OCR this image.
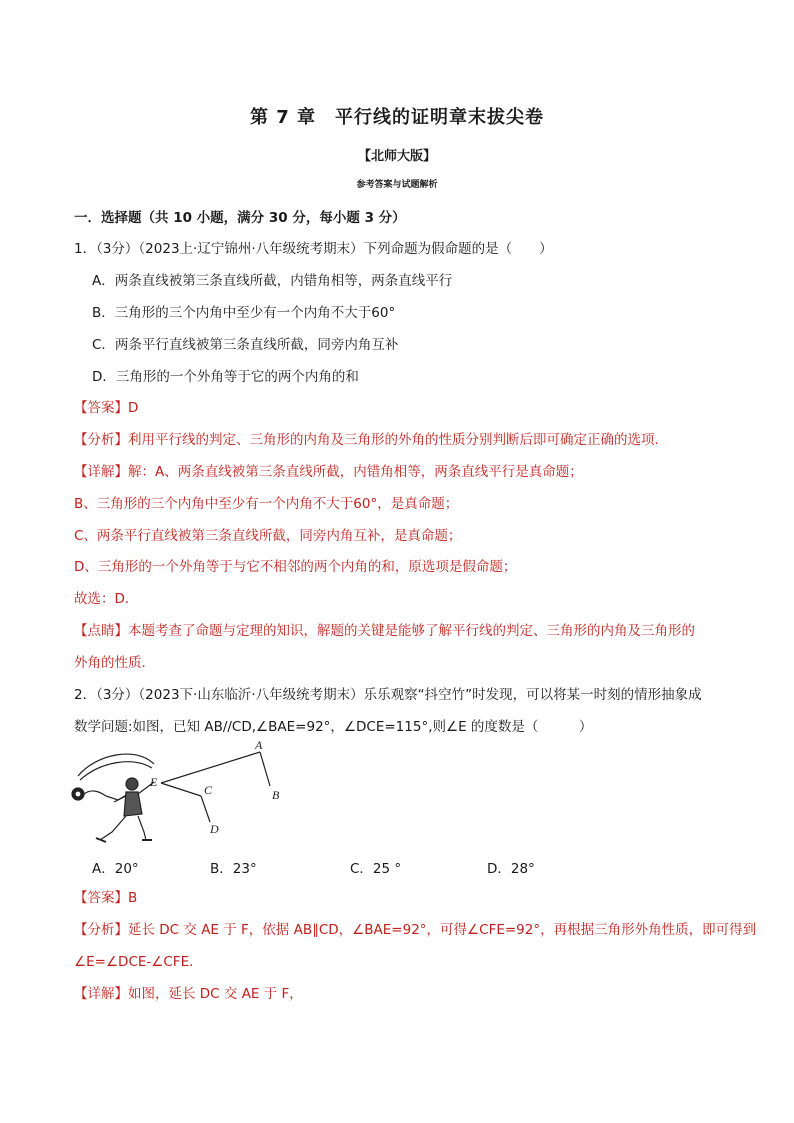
第 7 章　平行线的证明章末拔尖卷
【北师大版】
参考答案与试题解析
一．选择题（共 10 小题，满分 30 分，每小题 3 分）
1．（3分）（2023上·辽宁锦州·八年级统考期末）下列命题为假命题的是（　　）
A．两条直线被第三条直线所截，内错角相等，两条直线平行
B．三角形的三个内角中至少有一个内角不大于60°
C．两条平行直线被第三条直线所截，同旁内角互补
D．三角形的一个外角等于它的两个内角的和
【答案】D
【分析】利用平行线的判定、三角形的内角及三角形的外角的性质分别判断后即可确定正确的选项．
【详解】解：A、两条直线被第三条直线所截，内错角相等，两条直线平行是真命题；
B、三角形的三个内角中至少有一个内角不大于60°，是真命题；
C、两条平行直线被第三条直线所截，同旁内角互补，是真命题；
D、三角形的一个外角等于与它不相邻的两个内角的和，原选项是假命题；
故选：D．
【点睛】本题考查了命题与定理的知识，解题的关键是能够了解平行线的判定、三角形的内角及三角形的
外角的性质．
2．（3分）（2023下·山东临沂·八年级统考期末）乐乐观察“抖空竹”时发现，可以将某一时刻的情形抽象成
数学问题:如图，已知 AB//CD,∠BAE=92°，∠DCE=115°,则∠E 的度数是（　　　）
A
B
C
D
E
A．20°	B．23°	C．25 °	D．28°
【答案】B
【分析】延长 DC 交 AE 于 F，依据 AB∥CD，∠BAE=92°，可得∠CFE=92°，再根据三角形外角性质，即可得到
∠E=∠DCE-∠CFE．
【详解】如图，延长 DC 交 AE 于 F，
